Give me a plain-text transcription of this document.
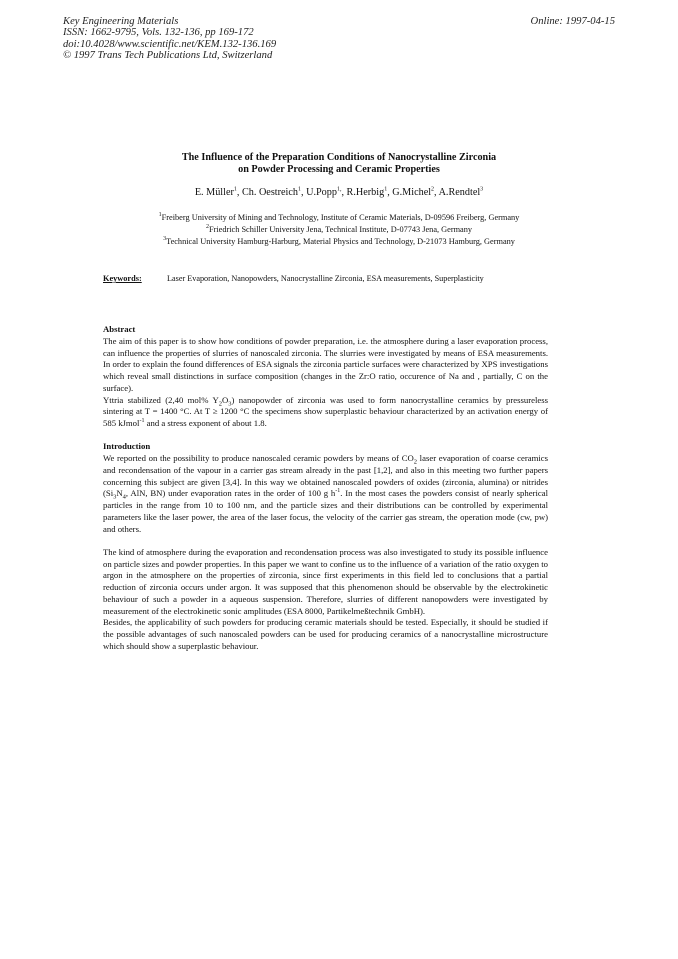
Key Engineering Materials
ISSN: 1662-9795, Vols. 132-136, pp 169-172
doi:10.4028/www.scientific.net/KEM.132-136.169
© 1997 Trans Tech Publications Ltd, Switzerland
Online: 1997-04-15
The Influence of the Preparation Conditions of Nanocrystalline Zirconia
on Powder Processing and Ceramic Properties
E. Müller$^1$, Ch. Oestreich$^1$, U.Popp$^{1,}$, R.Herbig$^1$, G.Michel$^2$, A.Rendtel$^3$
$^1$Freiberg University of Mining and Technology, Institute of Ceramic Materials, D-09596 Freiberg, Germany
$^2$Friedrich Schiller University Jena, Technical Institute, D-07743 Jena, Germany
$^3$Technical University Hamburg-Harburg, Material Physics and Technology, D-21073 Hamburg, Germany
Keywords:	Laser Evaporation, Nanopowders, Nanocrystalline Zirconia, ESA measurements, Superplasticity

Abstract

The aim of this paper is to show how conditions of powder preparation, i.e. the atmosphere during a laser evaporation process, can influence the properties of slurries of nanoscaled zirconia. The slurries were investigated by means of ESA measurements. In order to explain the found differences of ESA signals the zirconia particle surfaces were characterized by XPS investigations which reveal small distinctions in surface composition (changes in the Zr:O ratio, occurence of Na and , partially, C on the surface).

Yttria stabilized (2,40 mol% $Y_2O_3$) nanopowder of zirconia was used to form nanocrystalline ceramics by pressureless sintering at T = 1400 °C. At T ≥ 1200 °C the specimens show superplastic behaviour characterized by an activation energy of 585 kJmol$^{-1}$ and a stress exponent of about 1.8.

Introduction

We reported on the possibility to produce nanoscaled ceramic powders by means of $CO_2$ laser evaporation of coarse ceramics and recondensation of the vapour in a carrier gas stream already in the past [1,2], and also in this meeting two further papers concerning this subject are given [3,4]. In this way we obtained nanoscaled powders of oxides (zirconia, alumina) or nitrides ($Si_3N_4$, AlN, BN) under evaporation rates in the order of 100 g $h^{-1}$. In the most cases the powders consist of nearly spherical particles in the range from 10 to 100 nm, and the particle sizes and their distributions can be controlled by experimental parameters like the laser power, the area of the laser focus, the velocity of the carrier gas stream, the operation mode (cw, pw) and others.

The kind of atmosphere during the evaporation and recondensation process was also investigated to study its possible influence on particle sizes and powder properties. In this paper we want to confine us to the influence of a variation of the ratio oxygen to argon in the atmosphere on the properties of zirconia, since first experiments in this field led to conclusions that a partial reduction of zirconia occurs under argon. It was supposed that this phenomenon should be observable by the electrokinetic behaviour of such a powder in a aqueous suspension. Therefore, slurries of different nanopowders were investigated by measurement of the electrokinetic sonic amplitudes (ESA 8000, Partikelmeßtechnik GmbH).

Besides, the applicability of such powders for producing ceramic materials should be tested. Especially, it should be studied if the possible advantages of such nanoscaled powders can be used for producing ceramics of a nanocrystalline microstructure which should show a superplastic behaviour.
